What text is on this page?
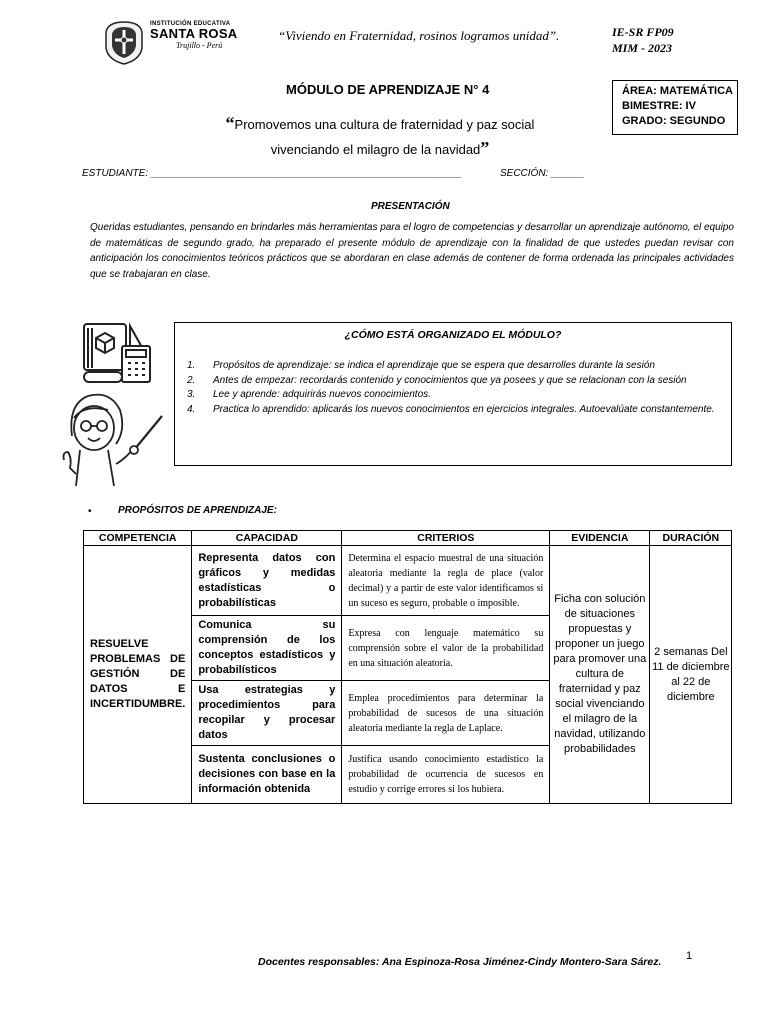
INSTITUCIÓN EDUCATIVA
SANTA ROSA
Trujillo - Perú
“Viviendo en Fraternidad, rosinos logramos unidad”.	IE-SR FP09
MIM - 2023
MÓDULO DE APRENDIZAJE N° 4
“Promovemos una cultura de fraternidad y paz social
vivenciando el milagro de la navidad”
ÁREA: MATEMÁTICA
BIMESTRE: IV
GRADO: SEGUNDO
ESTUDIANTE: ________________________________________________________	SECCIÓN: ______
PRESENTACIÓN
Queridas estudiantes, pensando en brindarles más herramientas para el logro de competencias y desarrollar un aprendizaje autónomo, el equipo de matemáticas de segundo grado, ha preparado el presente módulo de aprendizaje con la finalidad de que ustedes puedan revisar con anticipación los conocimientos teóricos prácticos que se abordaran en clase además de contener de forma ordenada las principales actividades que se trabajaran en clase.
¿CÓMO ESTÁ ORGANIZADO EL MÓDULO?
1. Propósitos de aprendizaje: se indica el aprendizaje que se espera que desarrolles durante la sesión
2. Antes de empezar: recordarás contenido y conocimientos que ya posees y que se relacionan con la sesión
3. Lee y aprende: adquirirás nuevos conocimientos.
4. Practica lo aprendido: aplicarás los nuevos conocimientos en ejercicios integrales. Autoevalúate constantemente.
•	PROPÓSITOS DE APRENDIZAJE:
COMPETENCIA	CAPACIDAD	CRITERIOS	EVIDENCIA	DURACIÓN
RESUELVE PROBLEMAS DE GESTIÓN DE DATOS E INCERTIDUMBRE.	Representa datos con gráficos y medidas estadísticas o probabilísticas	Determina el espacio muestral de una situación aleatoria mediante la regla de place (valor decimal) y a partir de este valor identificamos si un suceso es seguro, probable o imposible.	Ficha con solución de situaciones propuestas y proponer un juego para promover una cultura de fraternidad y paz social vivenciando el milagro de la navidad, utilizando probabilidades	2 semanas Del 11 de diciembre al 22 de diciembre
	Comunica su comprensión de los conceptos estadísticos y probabilísticos	Expresa con lenguaje matemático su comprensión sobre el valor de la probabilidad en una situación aleatoria.		
	Usa estrategias y procedimientos para recopilar y procesar datos	Emplea procedimientos para determinar la probabilidad de sucesos de una situación aleatoria mediante la regla de Laplace.		
	Sustenta conclusiones o decisiones con base en la información obtenida	Justifica usando conocimiento estadístico la probabilidad de ocurrencia de sucesos en estudio y corrige errores si los hubiera.		
Docentes responsables: Ana Espinoza-Rosa Jiménez-Cindy Montero-Sara Sárez. 1
